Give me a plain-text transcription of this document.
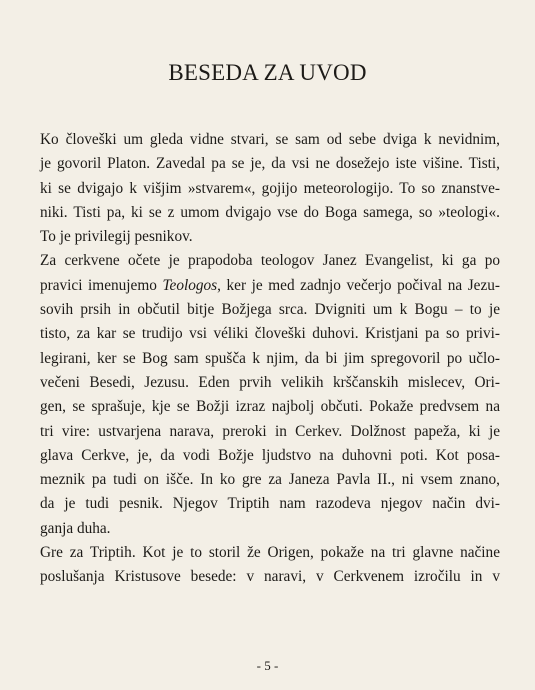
BESEDA ZA UVOD
Ko človeški um gleda vidne stvari, se sam od sebe dviga k nevidnim,
je govoril Platon. Zavedal pa se je, da vsi ne dosežejo iste višine. Tisti,
ki se dvigajo k višjim »stvarem«, gojijo meteorologijo. To so znanstve-
niki. Tisti pa, ki se z umom dvigajo vse do Boga samega, so »teologi«.
To je privilegij pesnikov.
Za cerkvene očete je prapodoba teologov Janez Evangelist, ki ga po
pravici imenujemo Teologos, ker je med zadnjo večerjo počival na Jezu-
sovih prsih in občutil bitje Božjega srca. Dvigniti um k Bogu – to je
tisto, za kar se trudijo vsi véliki človeški duhovi. Kristjani pa so privi-
legirani, ker se Bog sam spušča k njim, da bi jim spregovoril po učlo-
večeni Besedi, Jezusu. Eden prvih velikih krščanskih mislecev, Ori-
gen, se sprašuje, kje se Božji izraz najbolj občuti. Pokaže predvsem na
tri vire: ustvarjena narava, preroki in Cerkev. Dolžnost papeža, ki je
glava Cerkve, je, da vodi Božje ljudstvo na duhovni poti. Kot posa-
meznik pa tudi on išče. In ko gre za Janeza Pavla II., ni vsem znano,
da je tudi pesnik. Njegov Triptih nam razodeva njegov način dvi-
ganja duha.
Gre za Triptih. Kot je to storil že Origen, pokaže na tri glavne načine
poslušanja Kristusove besede: v naravi, v Cerkvenem izročilu in v
- 5 -
